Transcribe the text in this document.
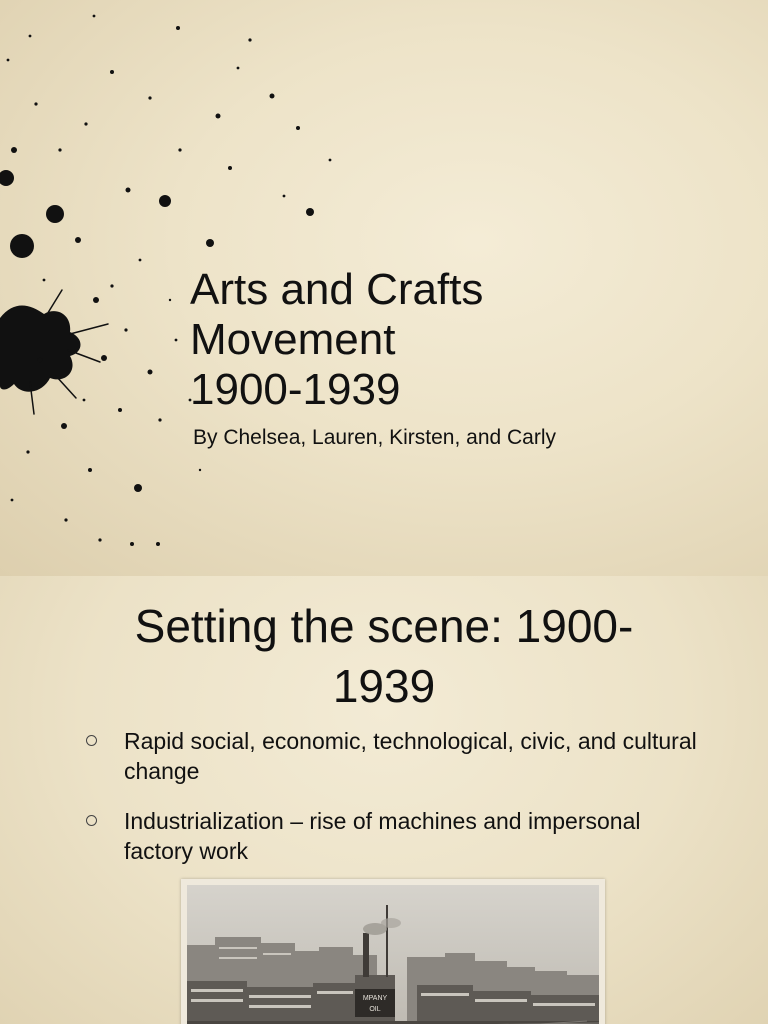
Arts and Crafts
Movement
1900-1939

By Chelsea, Lauren, Kirsten, and Carly

Setting the scene: 1900-
1939
Rapid social, economic, technological, civic, and cultural change
Industrialization – rise of machines and impersonal factory work
MPANY
OIL
